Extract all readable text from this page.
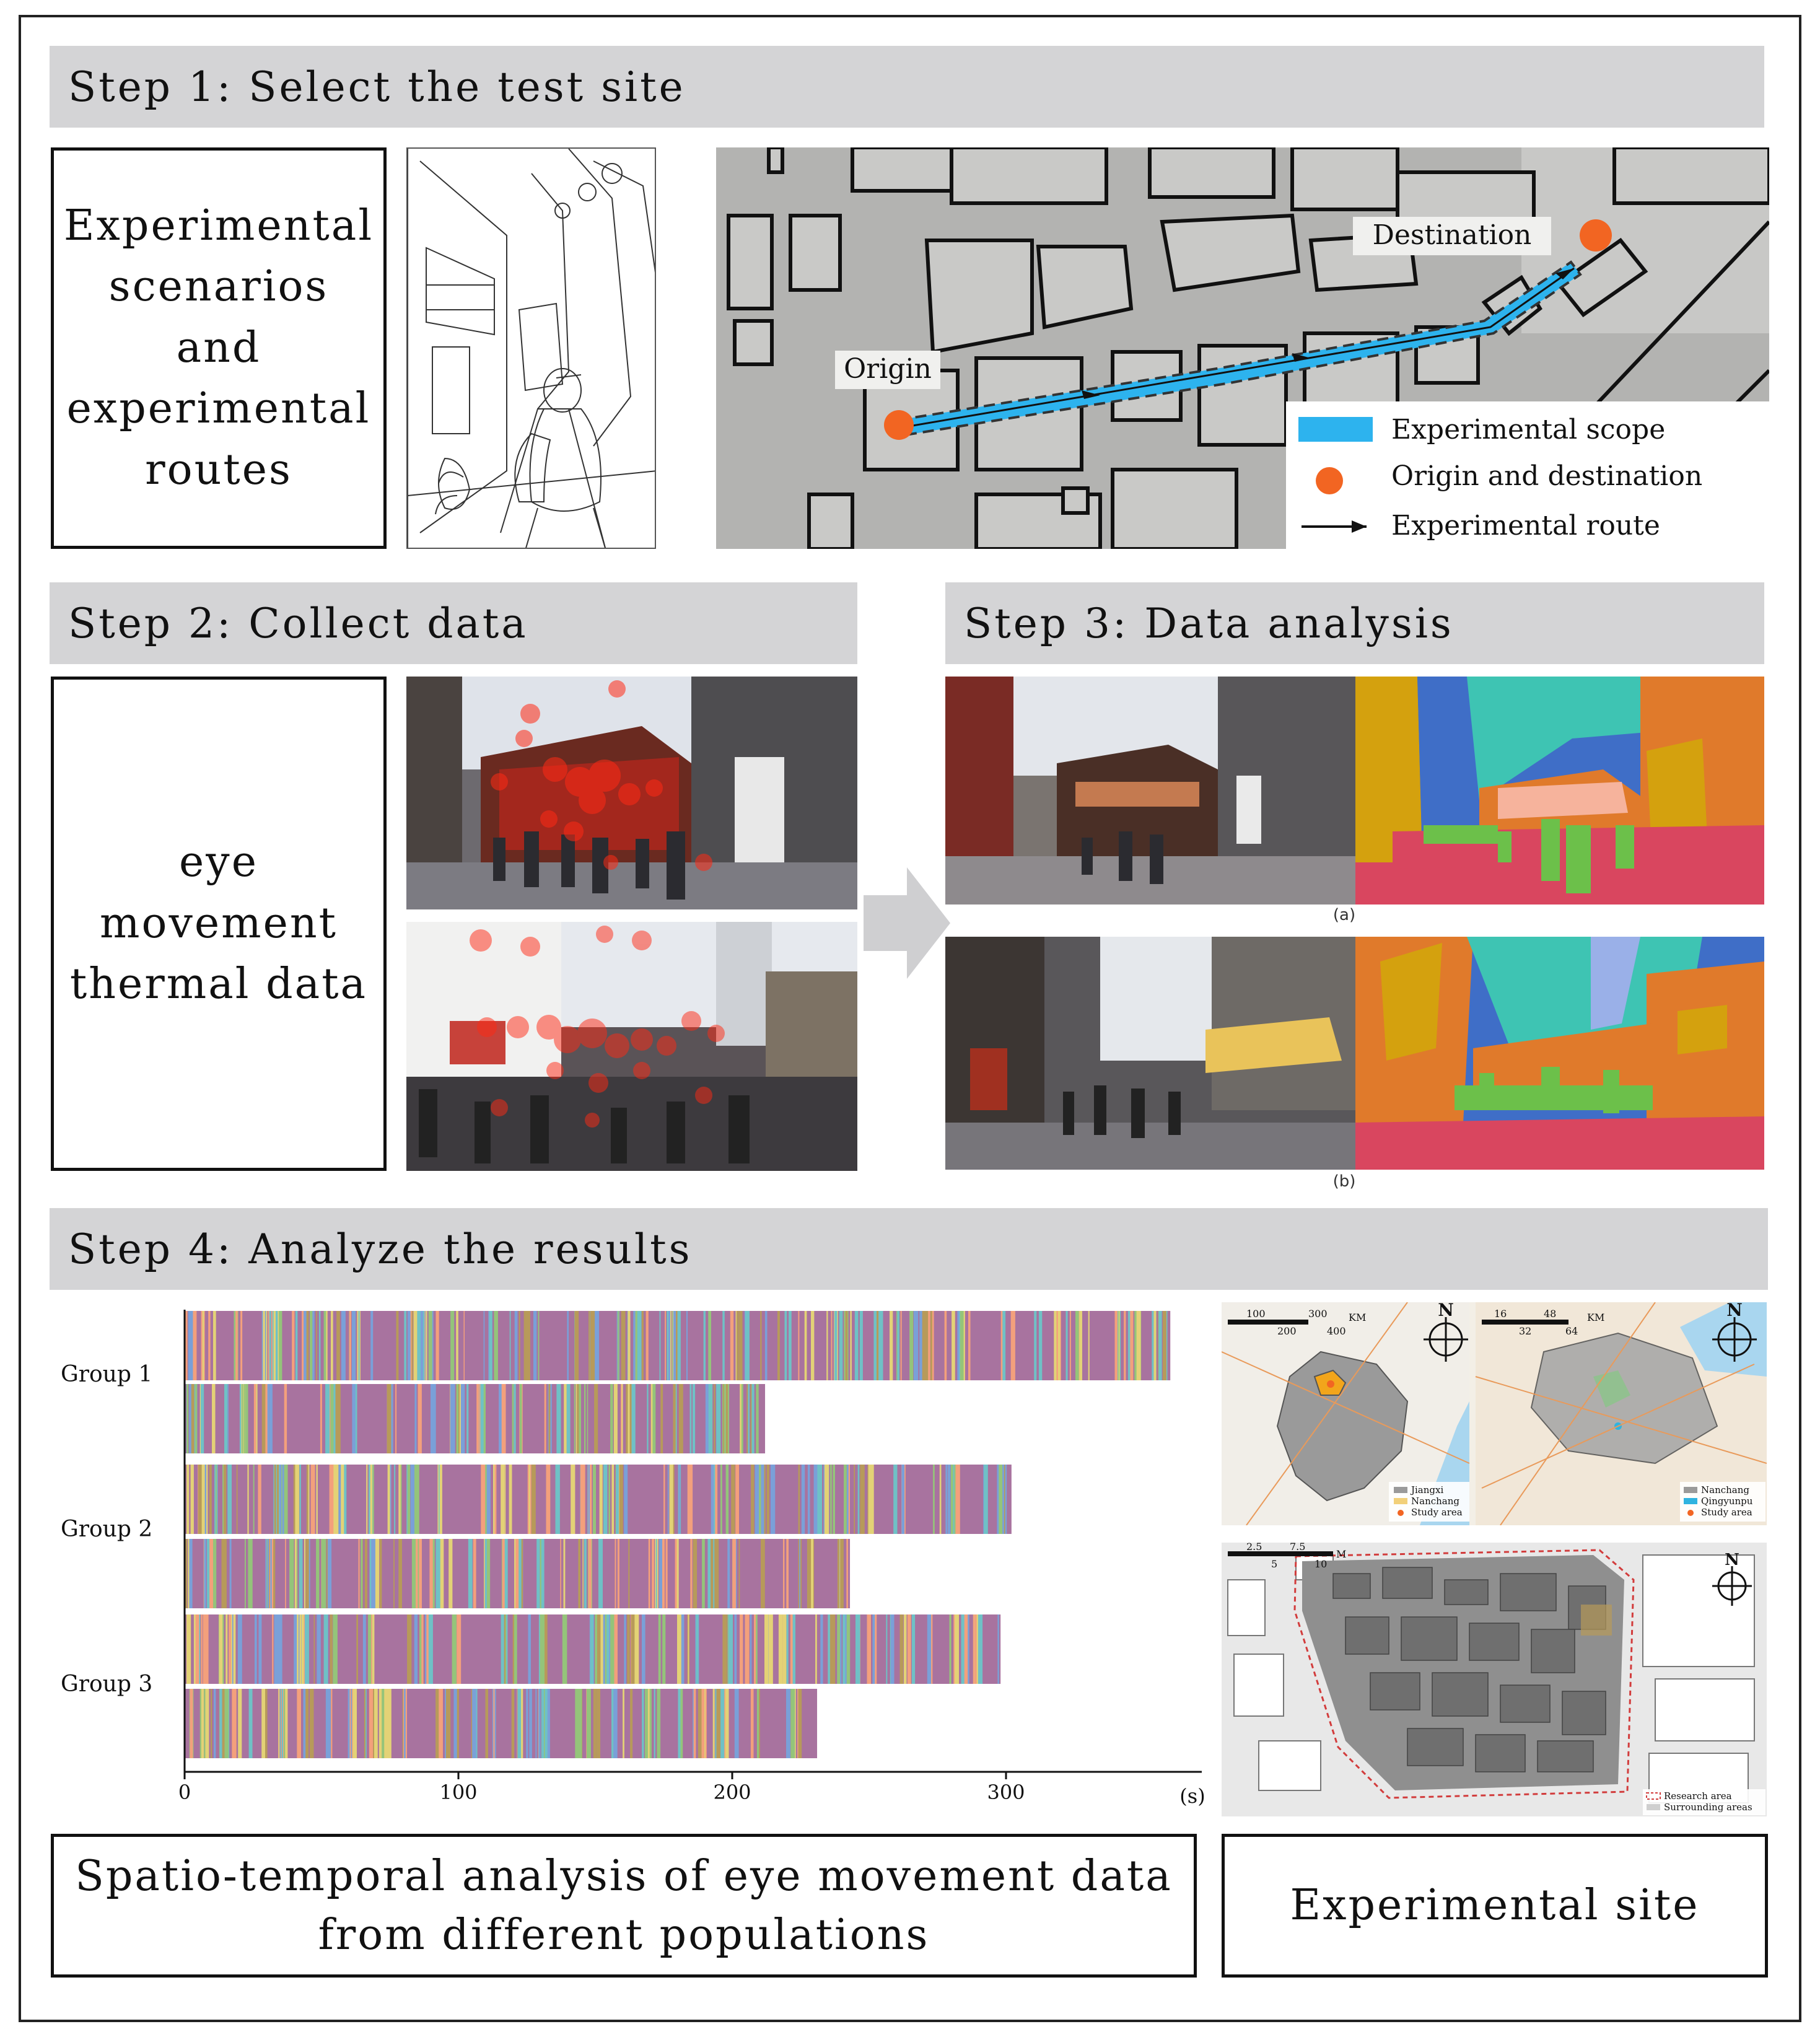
Step 1: Select the test site
Experimental scenarios and experimental routes
Origin
Destination
Experimental scope
Origin and destination
Experimental route
Step 2: Collect data
eye movement thermal data
Step 3: Data analysis
(a)
(b)
Step 4: Analyze the results
0	100	200	300
Group 1
Group 2
Group 3
(s)
100
200
300
400
KM	16
32
48
64
KM
N	N
Jiangxi
Nanchang
Study area
Nanchang
Qingyunpu
Study area
2.5
5
7.5
10
M	N
Research area
Surrounding areas
Spatio-temporal analysis of eye movement data from different populations
Experimental site
